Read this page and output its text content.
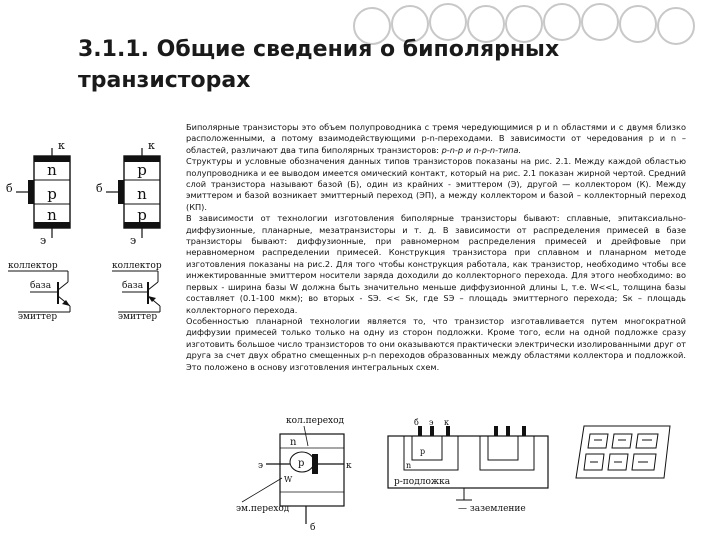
3.1.1. Общие сведения о биполярных транзисторах

Биполярные транзисторы это объем полупроводника с тремя чередующимися p и n областями и с двумя близко расположенными, а потому взаимодействующими p-n-переходами. В зависимости от чередования p и n –областей, различают два типа биполярных транзисторов: p-n-p и n-p-n-типа.

Структуры и условные обозначения данных типов транзисторов показаны на рис. 2.1. Между каждой областью полупроводника и ее выводом имеется омический контакт, который на рис. 2.1 показан жирной чертой. Средний слой транзистора называют базой (Б), один из крайних - эмиттером (Э), другой — коллектором (К). Между эмиттером и базой возникает эмиттерный переход (ЭП), а между коллектором и базой – коллекторный переход (КП).

В зависимости от технологии изготовления биполярные транзисторы бывают: сплавные, эпитаксиально-диффузионные, планарные, мезатранзисторы и т. д. В зависимости от распределения примесей в базе транзисторы бывают: диффузионные, при равномерном распределения примесей и дрейфовые при неравномерном распределении примесей. Конструкция транзистора при сплавном и планарном методе изготовления показаны на рис.2. Для того чтобы конструкция работала, как транзистор, необходимо чтобы все инжектированные эмиттером носители заряда доходили до коллекторного перехода. Для этого необходимо: во первых - ширина базы W должна быть значительно меньше диффузионной длины L, т.е. W<<L, толщина базы составляет (0.1-100 мкм); во вторых - SЭ. << Sк, где SЭ – площадь эмиттерного перехода; Sк – площадь коллекторного перехода.

Особенностью планарной технологии является то, что транзистор изготавливается путем многократной диффузии примесей только только на одну из сторон подложки. Кроме того, если на одной подложке сразу изготовить большое число транзисторов то они оказываются практически электрически изолированными друг от друга за счет двух обратно смещенных p-n переходов образованных между областями коллектора и подложкой. Это положено в основу изготовления интегральных схем.

к
n
p
n
б
э
к
p
n
p
б
э
коллектор
база
эмиттер
коллектор
база
эмиттер
кол.переход
n
p
э	к
W
б
эм.переход
б э к
n
p
p-подложка
— заземление
